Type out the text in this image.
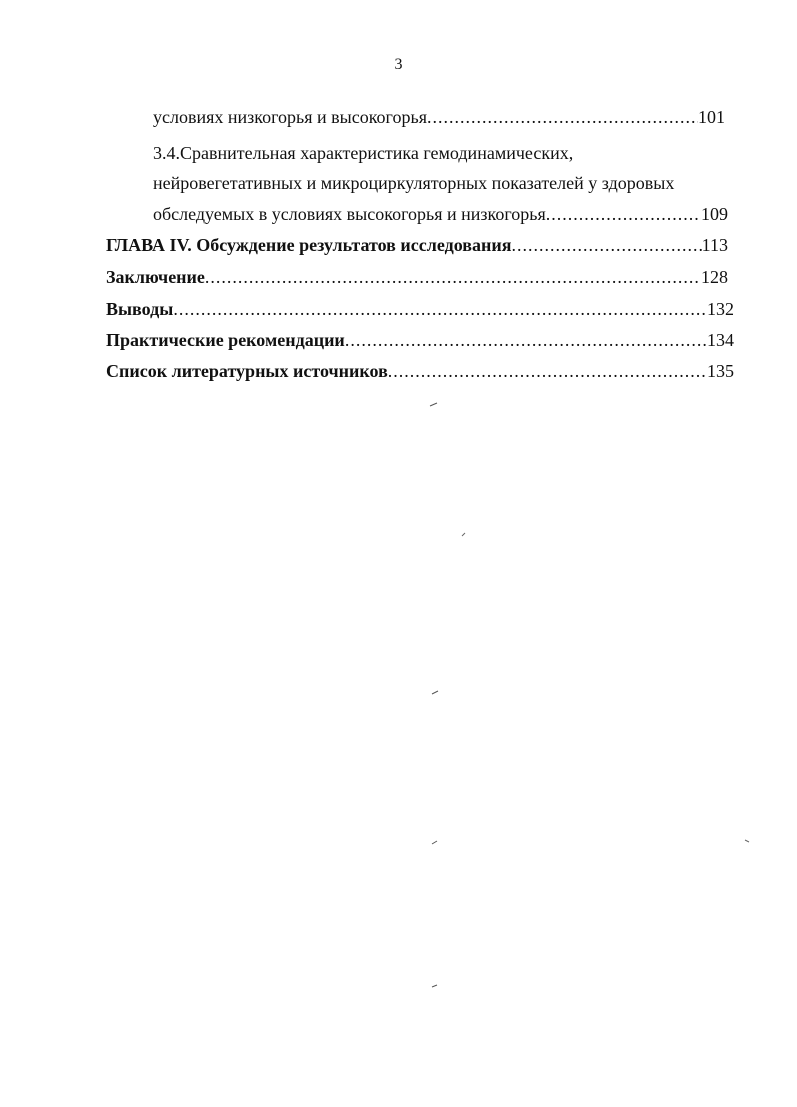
3
условиях низкогорья и высокогорья .....	101
3.4.Сравнительная характеристика гемодинамических,
нейровегетативных и микроциркуляторных показателей у здоровых
обследуемых в условиях высокогорья и низкогорья .....	109
ГЛАВА IV. Обсуждение результатов исследования .....	113
Заключение .....	128
Выводы .....	132
Практические рекомендации .....	134
Список литературных источников .....	135
